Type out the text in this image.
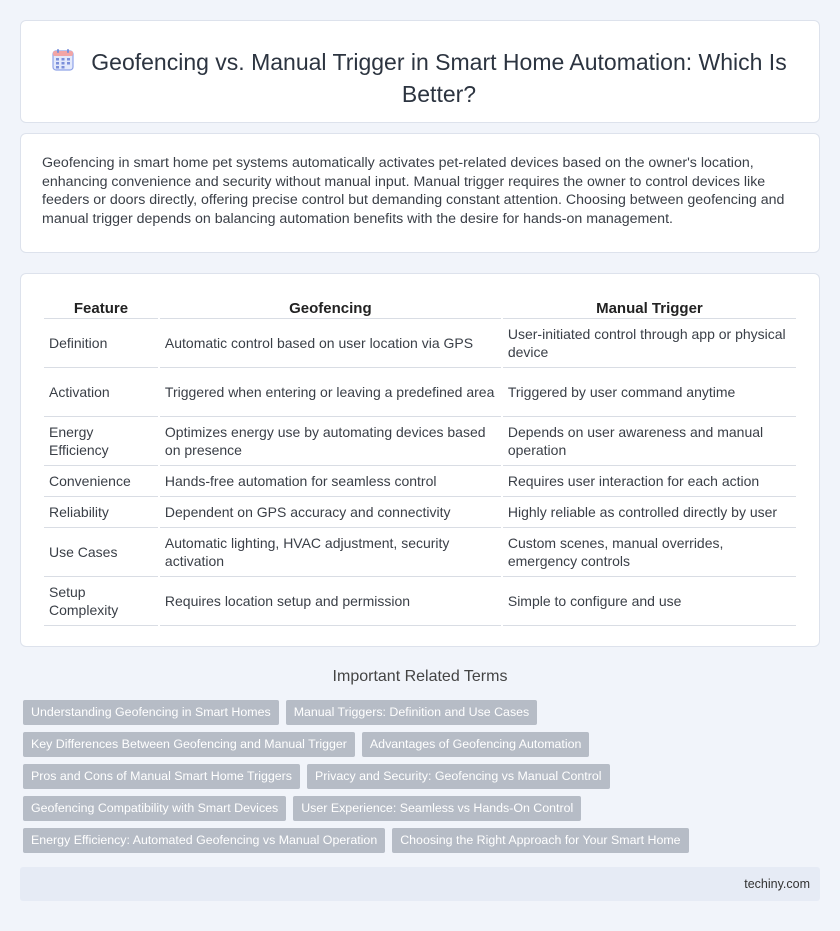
Geofencing vs. Manual Trigger in Smart Home Automation: Which Is Better?

Geofencing in smart home pet systems automatically activates pet-related devices based on the owner's location, enhancing convenience and security without manual input. Manual trigger requires the owner to control devices like feeders or doors directly, offering precise control but demanding constant attention. Choosing between geofencing and manual trigger depends on balancing automation benefits with the desire for hands-on management.

Feature	Geofencing	Manual Trigger
Definition	Automatic control based on user location via GPS	User-initiated control through app or physical device
Activation	Triggered when entering or leaving a predefined area	Triggered by user command anytime
Energy Efficiency	Optimizes energy use by automating devices based on presence	Depends on user awareness and manual operation
Convenience	Hands-free automation for seamless control	Requires user interaction for each action
Reliability	Dependent on GPS accuracy and connectivity	Highly reliable as controlled directly by user
Use Cases	Automatic lighting, HVAC adjustment, security activation	Custom scenes, manual overrides, emergency controls
Setup Complexity	Requires location setup and permission	Simple to configure and use
Important Related Terms
Understanding Geofencing in Smart Homes	Manual Triggers: Definition and Use Cases
Key Differences Between Geofencing and Manual Trigger	Advantages of Geofencing Automation
Pros and Cons of Manual Smart Home Triggers	Privacy and Security: Geofencing vs Manual Control
Geofencing Compatibility with Smart Devices	User Experience: Seamless vs Hands-On Control
Energy Efficiency: Automated Geofencing vs Manual Operation	Choosing the Right Approach for Your Smart Home
techiny.com
